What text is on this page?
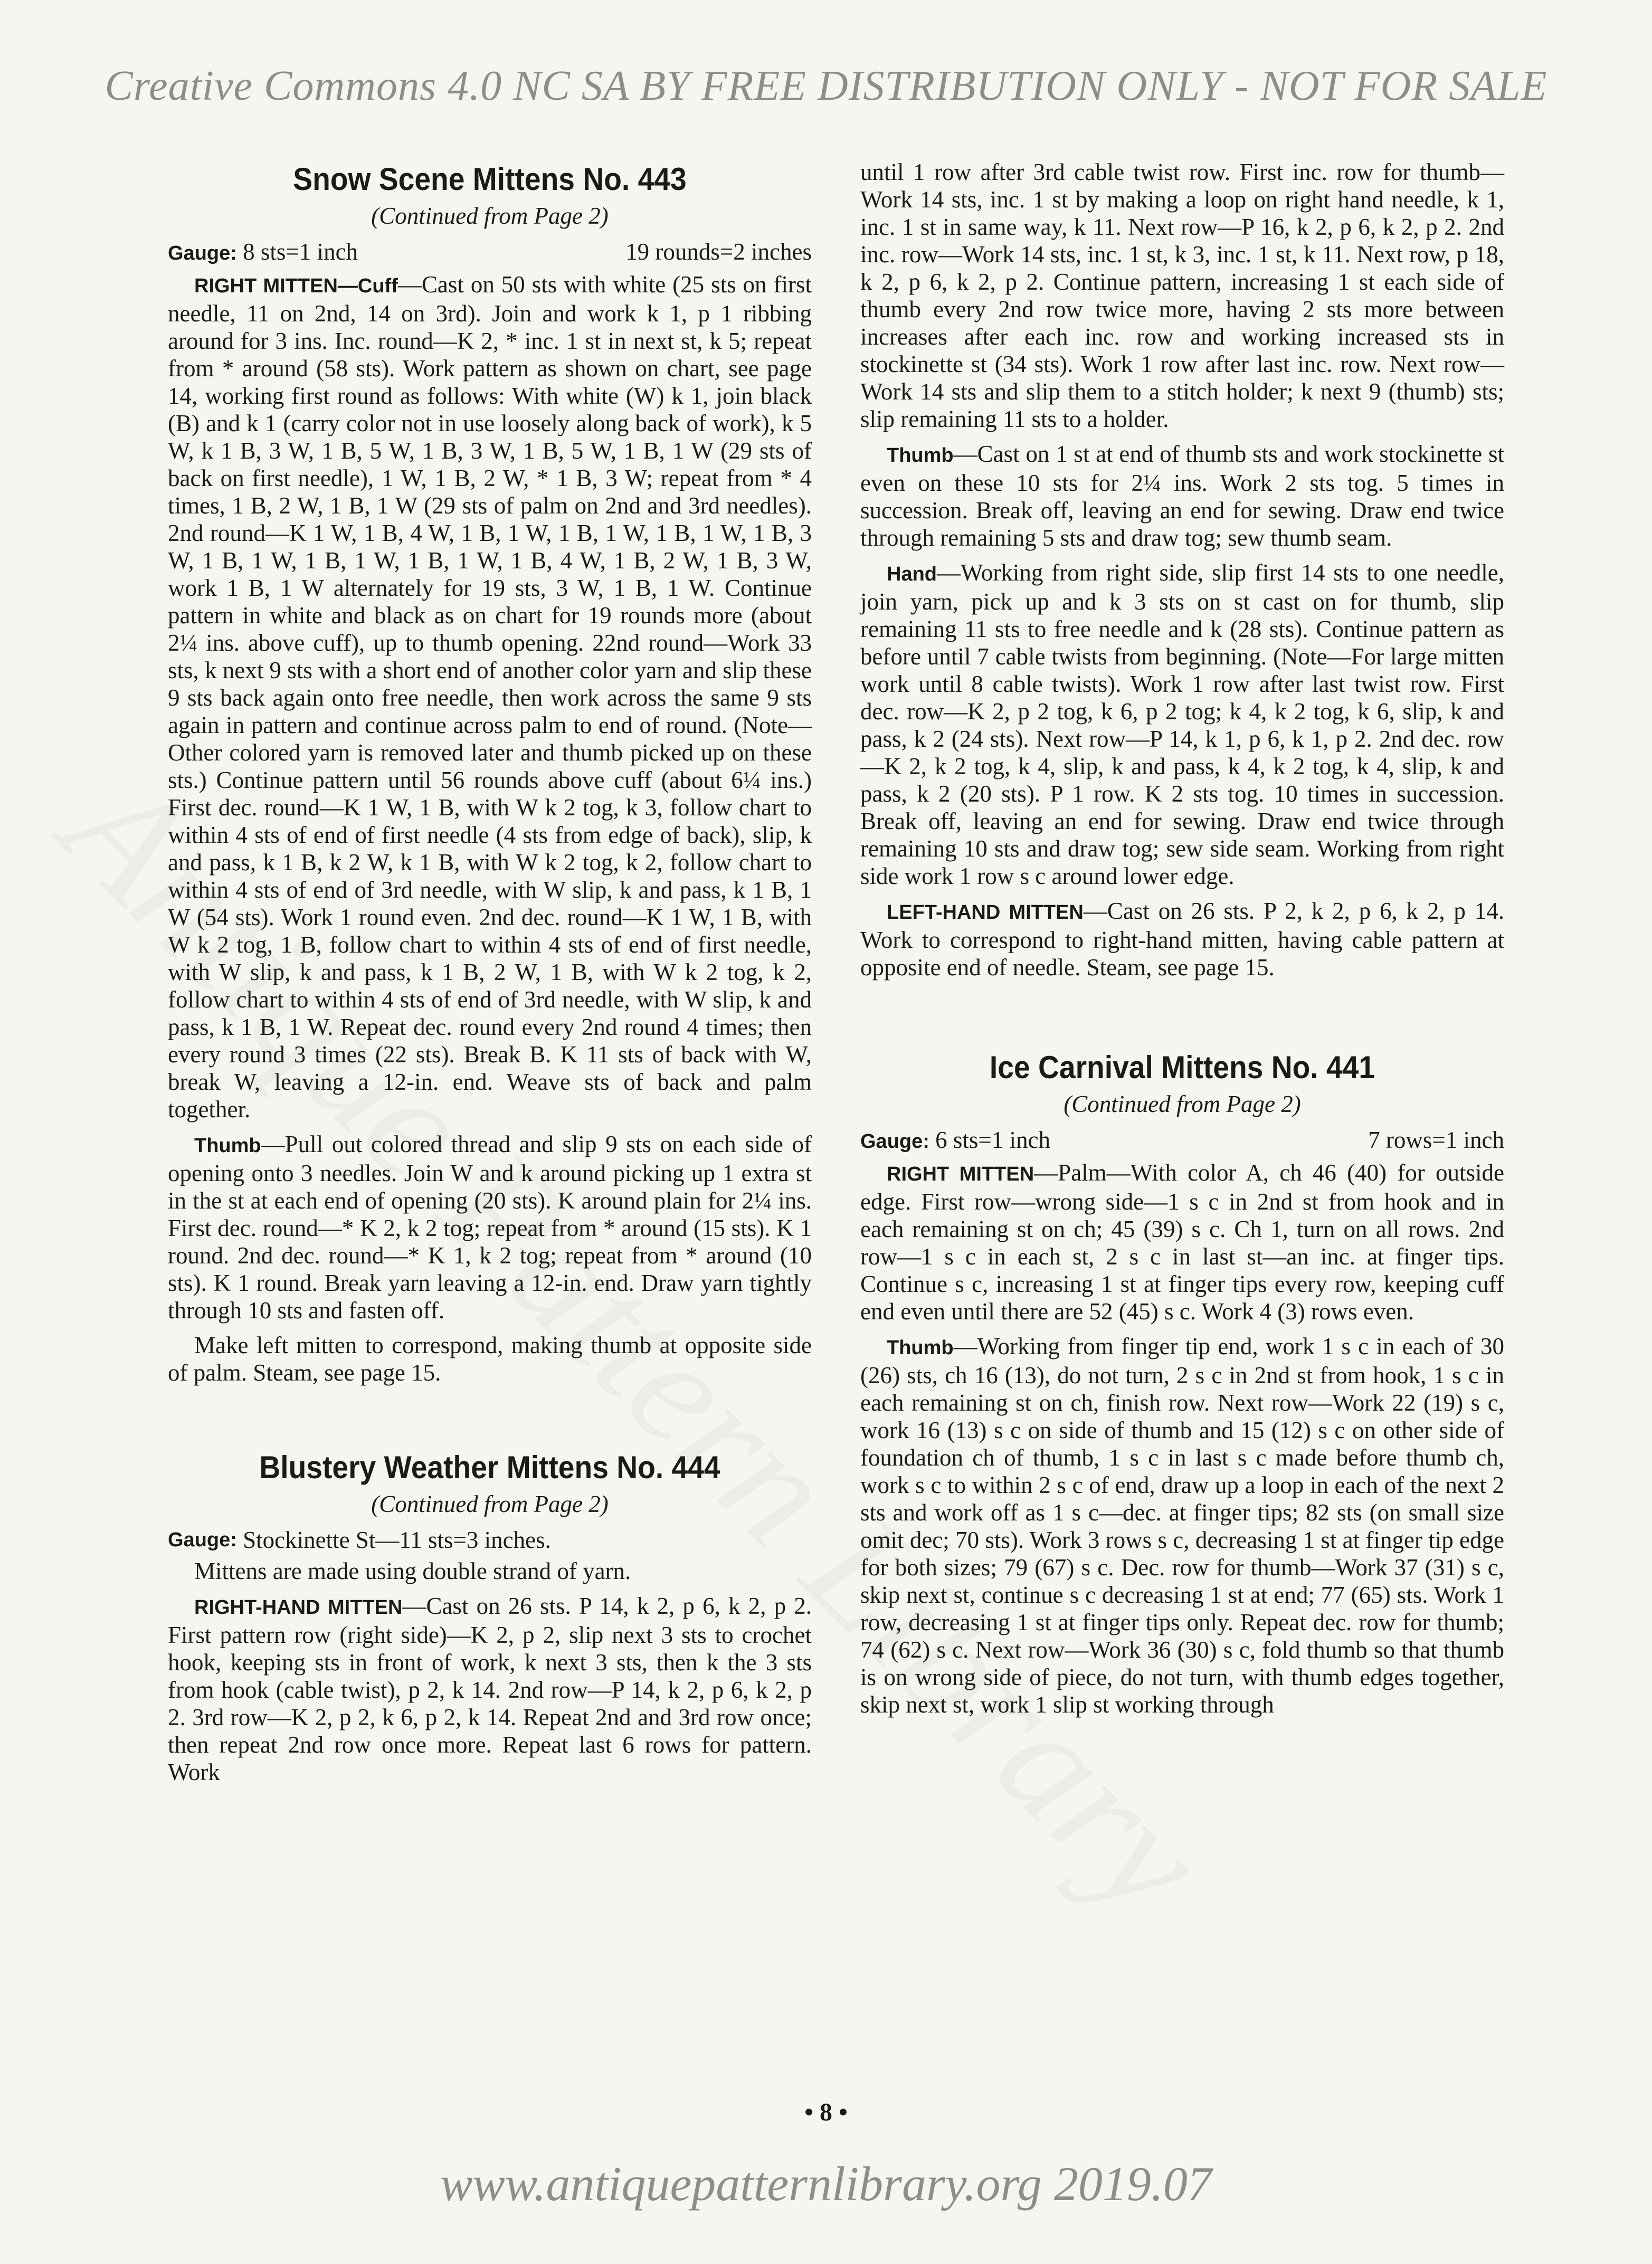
Creative Commons 4.0 NC SA BY FREE DISTRIBUTION ONLY - NOT FOR SALE
Snow Scene Mittens No. 443
(Continued from Page 2)
Gauge: 8 sts=1 inch	19 rounds=2 inches

RIGHT MITTEN—Cuff—Cast on 50 sts with white (25 sts on first needle, 11 on 2nd, 14 on 3rd). Join and work k 1, p 1 ribbing around for 3 ins. Inc. round—K 2, * inc. 1 st in next st, k 5; repeat from * around (58 sts). Work pattern as shown on chart, see page 14, working first round as follows: With white (W) k 1, join black (B) and k 1 (carry color not in use loosely along back of work), k 5 W, k 1 B, 3 W, 1 B, 5 W, 1 B, 3 W, 1 B, 5 W, 1 B, 1 W (29 sts of back on first needle), 1 W, 1 B, 2 W, * 1 B, 3 W; repeat from * 4 times, 1 B, 2 W, 1 B, 1 W (29 sts of palm on 2nd and 3rd needles). 2nd round—K 1 W, 1 B, 4 W, 1 B, 1 W, 1 B, 1 W, 1 B, 1 W, 1 B, 3 W, 1 B, 1 W, 1 B, 1 W, 1 B, 1 W, 1 B, 4 W, 1 B, 2 W, 1 B, 3 W, work 1 B, 1 W alternately for 19 sts, 3 W, 1 B, 1 W. Continue pattern in white and black as on chart for 19 rounds more (about 2¼ ins. above cuff), up to thumb opening. 22nd round—Work 33 sts, k next 9 sts with a short end of another color yarn and slip these 9 sts back again onto free needle, then work across the same 9 sts again in pattern and continue across palm to end of round. (Note—Other colored yarn is removed later and thumb picked up on these sts.) Continue pattern until 56 rounds above cuff (about 6¼ ins.) First dec. round—K 1 W, 1 B, with W k 2 tog, k 3, follow chart to within 4 sts of end of first needle (4 sts from edge of back), slip, k and pass, k 1 B, k 2 W, k 1 B, with W k 2 tog, k 2, follow chart to within 4 sts of end of 3rd needle, with W slip, k and pass, k 1 B, 1 W (54 sts). Work 1 round even. 2nd dec. round—K 1 W, 1 B, with W k 2 tog, 1 B, follow chart to within 4 sts of end of first needle, with W slip, k and pass, k 1 B, 2 W, 1 B, with W k 2 tog, k 2, follow chart to within 4 sts of end of 3rd needle, with W slip, k and pass, k 1 B, 1 W. Repeat dec. round every 2nd round 4 times; then every round 3 times (22 sts). Break B. K 11 sts of back with W, break W, leaving a 12-in. end. Weave sts of back and palm together.

Thumb—Pull out colored thread and slip 9 sts on each side of opening onto 3 needles. Join W and k around picking up 1 extra st in the st at each end of opening (20 sts). K around plain for 2¼ ins. First dec. round—* K 2, k 2 tog; repeat from * around (15 sts). K 1 round. 2nd dec. round—* K 1, k 2 tog; repeat from * around (10 sts). K 1 round. Break yarn leaving a 12-in. end. Draw yarn tightly through 10 sts and fasten off.

Make left mitten to correspond, making thumb at opposite side of palm. Steam, see page 15.

Blustery Weather Mittens No. 444
(Continued from Page 2)
Gauge:
Stockinette St—11 sts=3 inches.

Mittens are made using double strand of yarn.

RIGHT-HAND MITTEN—Cast on 26 sts. P 14, k 2, p 6, k 2, p 2. First pattern row (right side)—K 2, p 2, slip next 3 sts to crochet hook, keeping sts in front of work, k next 3 sts, then k the 3 sts from hook (cable twist), p 2, k 14. 2nd row—P 14, k 2, p 6, k 2, p 2. 3rd row—K 2, p 2, k 6, p 2, k 14. Repeat 2nd and 3rd row once; then repeat 2nd row once more. Repeat last 6 rows for pattern. Work

until 1 row after 3rd cable twist row. First inc. row for thumb—Work 14 sts, inc. 1 st by making a loop on right hand needle, k 1, inc. 1 st in same way, k 11. Next row—P 16, k 2, p 6, k 2, p 2. 2nd inc. row—Work 14 sts, inc. 1 st, k 3, inc. 1 st, k 11. Next row, p 18, k 2, p 6, k 2, p 2. Continue pattern, increasing 1 st each side of thumb every 2nd row twice more, having 2 sts more between increases after each inc. row and working increased sts in stockinette st (34 sts). Work 1 row after last inc. row. Next row—Work 14 sts and slip them to a stitch holder; k next 9 (thumb) sts; slip remaining 11 sts to a holder.

Thumb—Cast on 1 st at end of thumb sts and work stockinette st even on these 10 sts for 2¼ ins. Work 2 sts tog. 5 times in succession. Break off, leaving an end for sewing. Draw end twice through remaining 5 sts and draw tog; sew thumb seam.

Hand—Working from right side, slip first 14 sts to one needle, join yarn, pick up and k 3 sts on st cast on for thumb, slip remaining 11 sts to free needle and k (28 sts). Continue pattern as before until 7 cable twists from beginning. (Note—For large mitten work until 8 cable twists). Work 1 row after last twist row. First dec. row—K 2, p 2 tog, k 6, p 2 tog; k 4, k 2 tog, k 6, slip, k and pass, k 2 (24 sts). Next row—P 14, k 1, p 6, k 1, p 2. 2nd dec. row—K 2, k 2 tog, k 4, slip, k and pass, k 4, k 2 tog, k 4, slip, k and pass, k 2 (20 sts). P 1 row. K 2 sts tog. 10 times in succession. Break off, leaving an end for sewing. Draw end twice through remaining 10 sts and draw tog; sew side seam. Working from right side work 1 row s c around lower edge.

LEFT-HAND MITTEN—Cast on 26 sts. P 2, k 2, p 6, k 2, p 14. Work to correspond to right-hand mitten, having cable pattern at opposite end of needle. Steam, see page 15.

Ice Carnival Mittens No. 441
(Continued from Page 2)
Gauge: 6 sts=1 inch	7 rows=1 inch

RIGHT MITTEN—Palm—With color A, ch 46 (40) for outside edge. First row—wrong side—1 s c in 2nd st from hook and in each remaining st on ch; 45 (39) s c. Ch 1, turn on all rows. 2nd row—1 s c in each st, 2 s c in last st—an inc. at finger tips. Continue s c, increasing 1 st at finger tips every row, keeping cuff end even until there are 52 (45) s c. Work 4 (3) rows even.

Thumb—Working from finger tip end, work 1 s c in each of 30 (26) sts, ch 16 (13), do not turn, 2 s c in 2nd st from hook, 1 s c in each remaining st on ch, finish row. Next row—Work 22 (19) s c, work 16 (13) s c on side of thumb and 15 (12) s c on other side of foundation ch of thumb, 1 s c in last s c made before thumb ch, work s c to within 2 s c of end, draw up a loop in each of the next 2 sts and work off as 1 s c—dec. at finger tips; 82 sts (on small size omit dec; 70 sts). Work 3 rows s c, decreasing 1 st at finger tip edge for both sizes; 79 (67) s c. Dec. row for thumb—Work 37 (31) s c, skip next st, continue s c decreasing 1 st at end; 77 (65) sts. Work 1 row, decreasing 1 st at finger tips only. Repeat dec. row for thumb; 74 (62) s c. Next row—Work 36 (30) s c, fold thumb so that thumb is on wrong side of piece, do not turn, with thumb edges together, skip next st, work 1 slip st working through

• 8 •
www.antiquepatternlibrary.org 2019.07
